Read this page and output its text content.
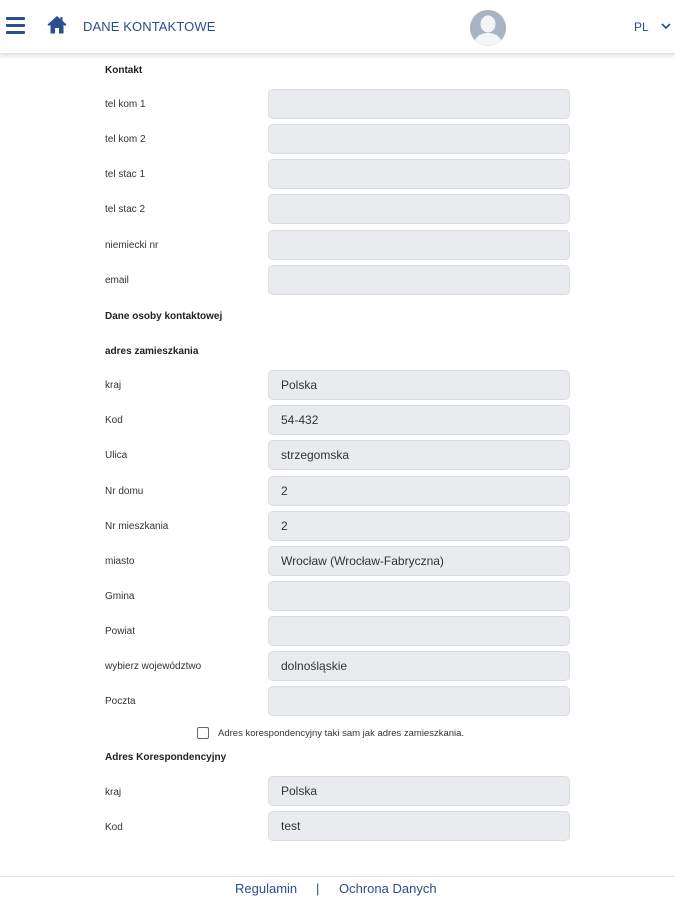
DANE KONTAKTOWE	PL
Kontakt
tel kom 1
tel kom 2
tel stac 1
tel stac 2
niemiecki nr
email
Dane osoby kontaktowej
adres zamieszkania
kraj
Polska
Kod
54-432
Ulica
strzegomska
Nr domu
2
Nr mieszkania
2
miasto
Wrocław (Wrocław-Fabryczna)
Gmina
Powiat
wybierz województwo
dolnośląskie
Poczta
Adres Korespondencyjny
kraj
Polska
Kod
test
Adres korespondencyjny taki sam jak adres zamieszkania.
Regulamin | Ochrona Danych
